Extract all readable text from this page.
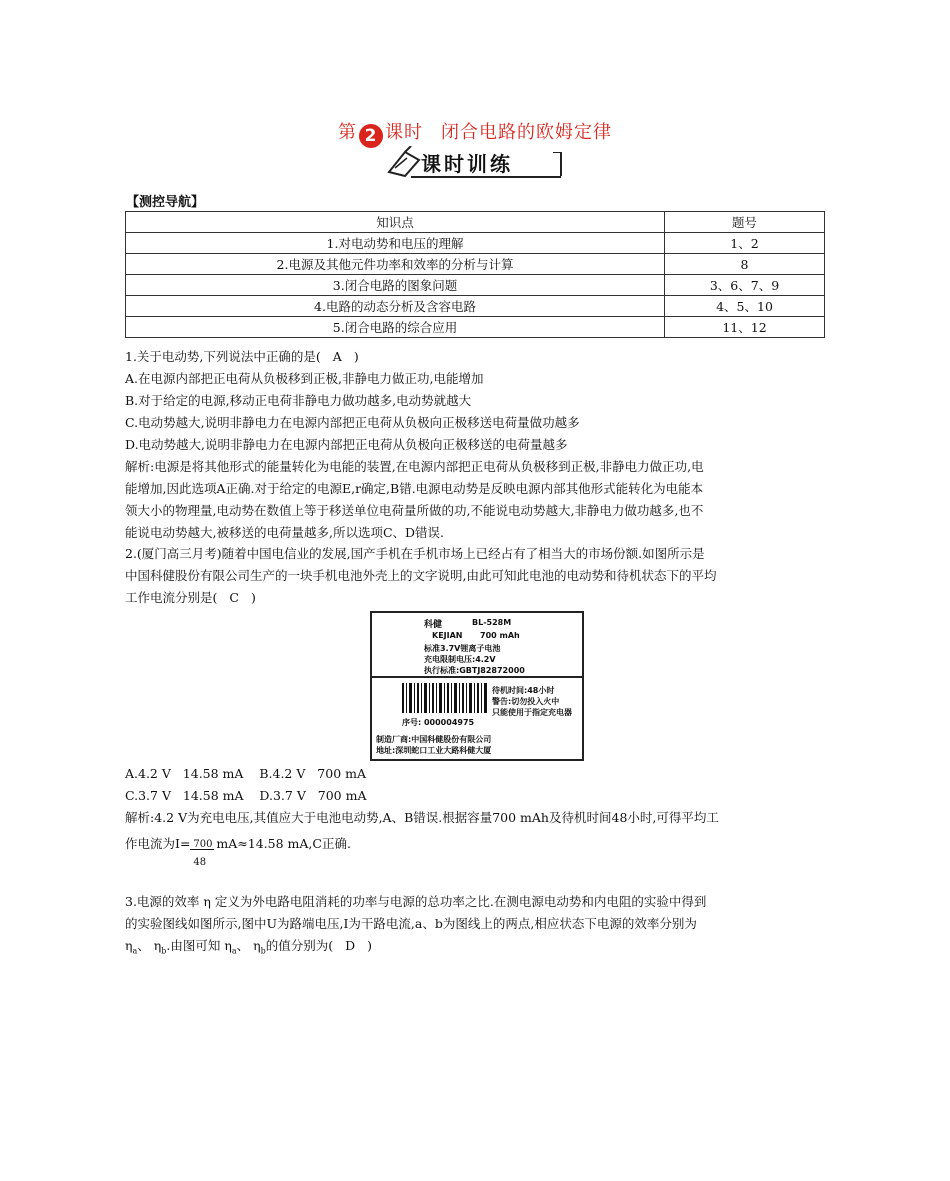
第 2 课时 闭合电路的欧姆定律
课时训练
【测控导航】
知识点	题号
1.对电动势和电压的理解	1、2
2.电源及其他元件功率和效率的分析与计算	8
3.闭合电路的图象问题	3、6、7、9
4.电路的动态分析及含容电路	4、5、10
5.闭合电路的综合应用	11、12
1.关于电动势,下列说法中正确的是( A )
A.在电源内部把正电荷从负极移到正极,非静电力做正功,电能增加
B.对于给定的电源,移动正电荷非静电力做功越多,电动势就越大
C.电动势越大,说明非静电力在电源内部把正电荷从负极向正极移送电荷量做功越多
D.电动势越大,说明非静电力在电源内部把正电荷从负极向正极移送的电荷量越多
解析:电源是将其他形式的能量转化为电能的装置,在电源内部把正电荷从负极移到正极,非静电力做正功,电
能增加,因此选项A正确.对于给定的电源E,r确定,B错.电源电动势是反映电源内部其他形式能转化为电能本
领大小的物理量,电动势在数值上等于移送单位电荷量所做的功,不能说电动势越大,非静电力做功越多,也不
能说电动势越大,被移送的电荷量越多,所以选项C、D错误.
2.(厦门高三月考)随着中国电信业的发展,国产手机在手机市场上已经占有了相当大的市场份额.如图所示是
中国科健股份有限公司生产的一块手机电池外壳上的文字说明,由此可知此电池的电动势和待机状态下的平均
工作电流分别是( C )
科健	BL-528M
KEJIAN 700 mAh
标准3.7V锂离子电池
充电限制电压:4.2V
执行标准:GBTJ82872000
待机时间:48小时
警告:切勿投入火中
只能使用于指定充电器
序号: 000004975
制造厂商:中国科健股份有限公司
地址:深圳蛇口工业大路科健大厦
A.4.2 V   14.58 mA    B.4.2 V   700 mA
C.3.7 V   14.58 mA    D.3.7 V   700 mA
解析:4.2 V为充电电压,其值应大于电池电动势,A、B错误.根据容量700 mAh及待机时间48小时,可得平均工
作电流为$I= \frac{700}{48} mA\approx 14.58$ mA,C正确.
3.电源的效率 η 定义为外电路电阻消耗的功率与电源的总功率之比.在测电源电动势和内电阻的实验中得到
的实验图线如图所示,图中U为路端电压,I为干路电流,a、b为图线上的两点,相应状态下电源的效率分别为
$\eta_a$、 $\eta_b$.由图可知 $\eta_a$、 $\eta_b$的值分别为( D )
